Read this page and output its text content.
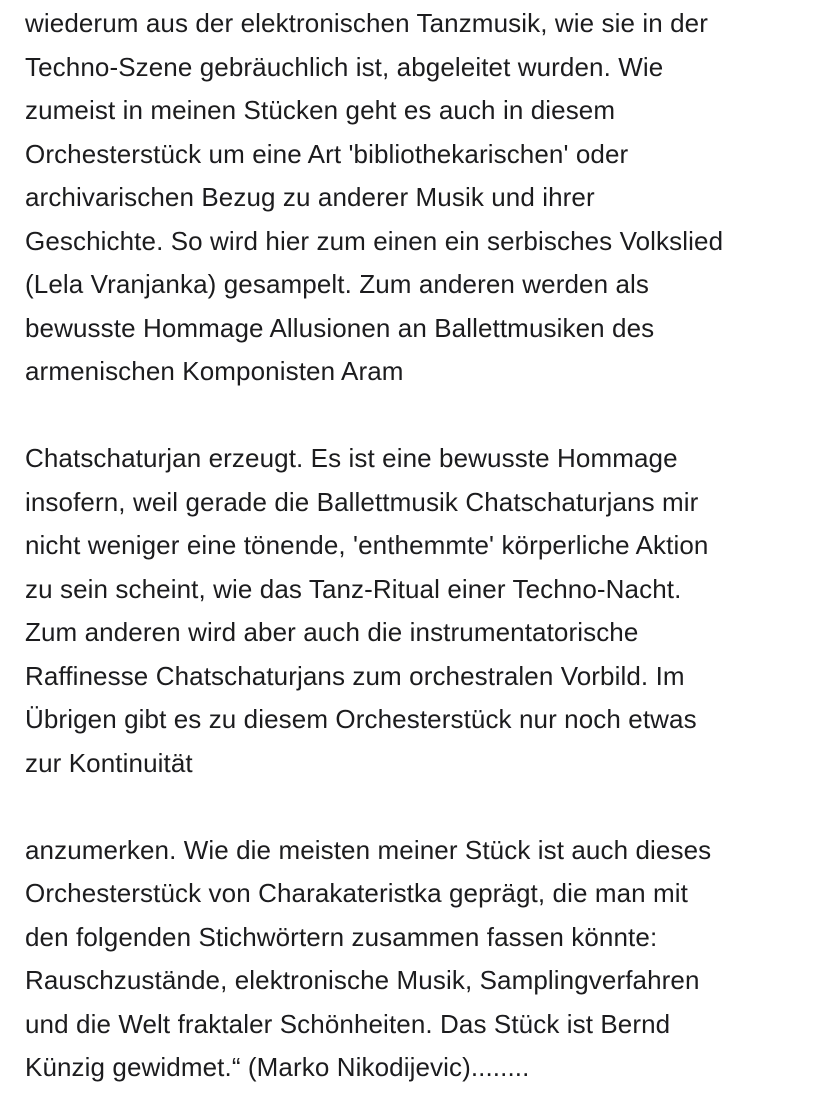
wiederum aus der elektronischen Tanzmusik, wie sie in der
Techno-Szene gebräuchlich ist, abgeleitet wurden. Wie
zumeist in meinen Stücken geht es auch in diesem
Orchesterstück um eine Art 'bibliothekarischen' oder
archivarischen Bezug zu anderer Musik und ihrer
Geschichte. So wird hier zum einen ein serbisches Volkslied
(Lela Vranjanka) gesampelt. Zum anderen werden als
bewusste Hommage Allusionen an Ballettmusiken des
armenischen Komponisten Aram

Chatschaturjan erzeugt. Es ist eine bewusste Hommage
insofern, weil gerade die Ballettmusik Chatschaturjans mir
nicht weniger eine tönende, 'enthemmte' körperliche Aktion
zu sein scheint, wie das Tanz-Ritual einer Techno-Nacht.
Zum anderen wird aber auch die instrumentatorische
Raffinesse Chatschaturjans zum orchestralen Vorbild. Im
Übrigen gibt es zu diesem Orchesterstück nur noch etwas
zur Kontinuität

anzumerken. Wie die meisten meiner Stück ist auch dieses
Orchesterstück von Charakateristka geprägt, die man mit
den folgenden Stichwörtern zusammen fassen könnte:
Rauschzustände, elektronische Musik, Samplingverfahren
und die Welt fraktaler Schönheiten. Das Stück ist Bernd
Künzig gewidmet.“ (Marko Nikodijevic)........
